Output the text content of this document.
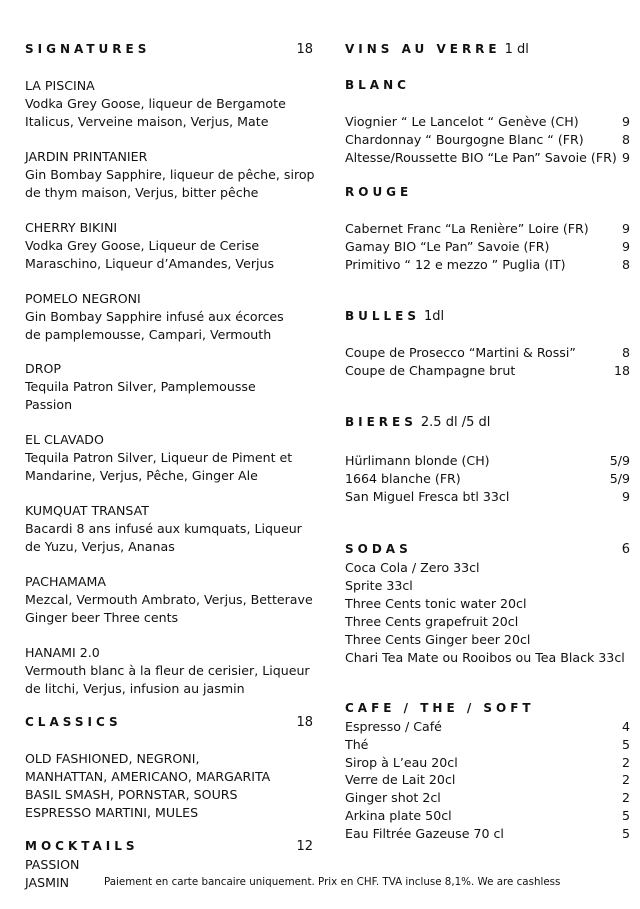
SIGNATURES	18
LA PISCINA
Vodka Grey Goose, liqueur de Bergamote
Italicus, Verveine maison, Verjus, Mate
JARDIN PRINTANIER
Gin Bombay Sapphire, liqueur de pêche, sirop
de thym maison, Verjus, bitter pêche
CHERRY BIKINI
Vodka Grey Goose, Liqueur de Cerise
Maraschino, Liqueur d’Amandes, Verjus
POMELO NEGRONI
Gin Bombay Sapphire infusé aux écorces
de pamplemousse, Campari, Vermouth
DROP
Tequila Patron Silver, Pamplemousse
Passion
EL CLAVADO
Tequila Patron Silver, Liqueur de Piment et
Mandarine, Verjus, Pêche, Ginger Ale
KUMQUAT TRANSAT
Bacardi 8 ans infusé aux kumquats, Liqueur
de Yuzu, Verjus, Ananas
PACHAMAMA
Mezcal, Vermouth Ambrato, Verjus, Betterave
Ginger beer Three cents
HANAMI 2.0
Vermouth blanc à la fleur de cerisier, Liqueur
de litchi, Verjus, infusion au jasmin
CLASSICS	18
OLD FASHIONED, NEGRONI,
MANHATTAN, AMERICANO, MARGARITA
BASIL SMASH, PORNSTAR, SOURS
ESPRESSO MARTINI, MULES
MOCKTAILS	12
PASSION
JASMIN
VINS AU VERRE 1 dl
BLANC
Viognier “ Le Lancelot “ Genève (CH)	9
Chardonnay “ Bourgogne Blanc “ (FR)	8
Altesse/Roussette BIO “Le Pan” Savoie (FR) 9
ROUGE
Cabernet Franc “La Renière” Loire (FR)	9
Gamay BIO “Le Pan” Savoie (FR)	9
Primitivo “ 12 e mezzo ” Puglia (IT)	8
BULLES 1dl
Coupe de Prosecco “Martini & Rossi”	8
Coupe de Champagne brut	18
BIERES 2.5 dl /5 dl
Hürlimann blonde (CH)	5/9
1664 blanche (FR)	5/9
San Miguel Fresca btl 33cl	9
SODAS	6
Coca Cola / Zero 33cl
Sprite 33cl
Three Cents tonic water 20cl
Three Cents grapefruit 20cl
Three Cents Ginger beer 20cl
Chari Tea Mate ou Rooibos ou Tea Black 33cl
CAFE / THE / SOFT
Espresso / Café	4
Thé	5
Sirop à L’eau 20cl	2
Verre de Lait 20cl	2
Ginger shot 2cl	2
Arkina plate 50cl	5
Eau Filtrée Gazeuse 70 cl	5
Paiement en carte bancaire uniquement. Prix en CHF. TVA incluse 8,1%. We are cashless
